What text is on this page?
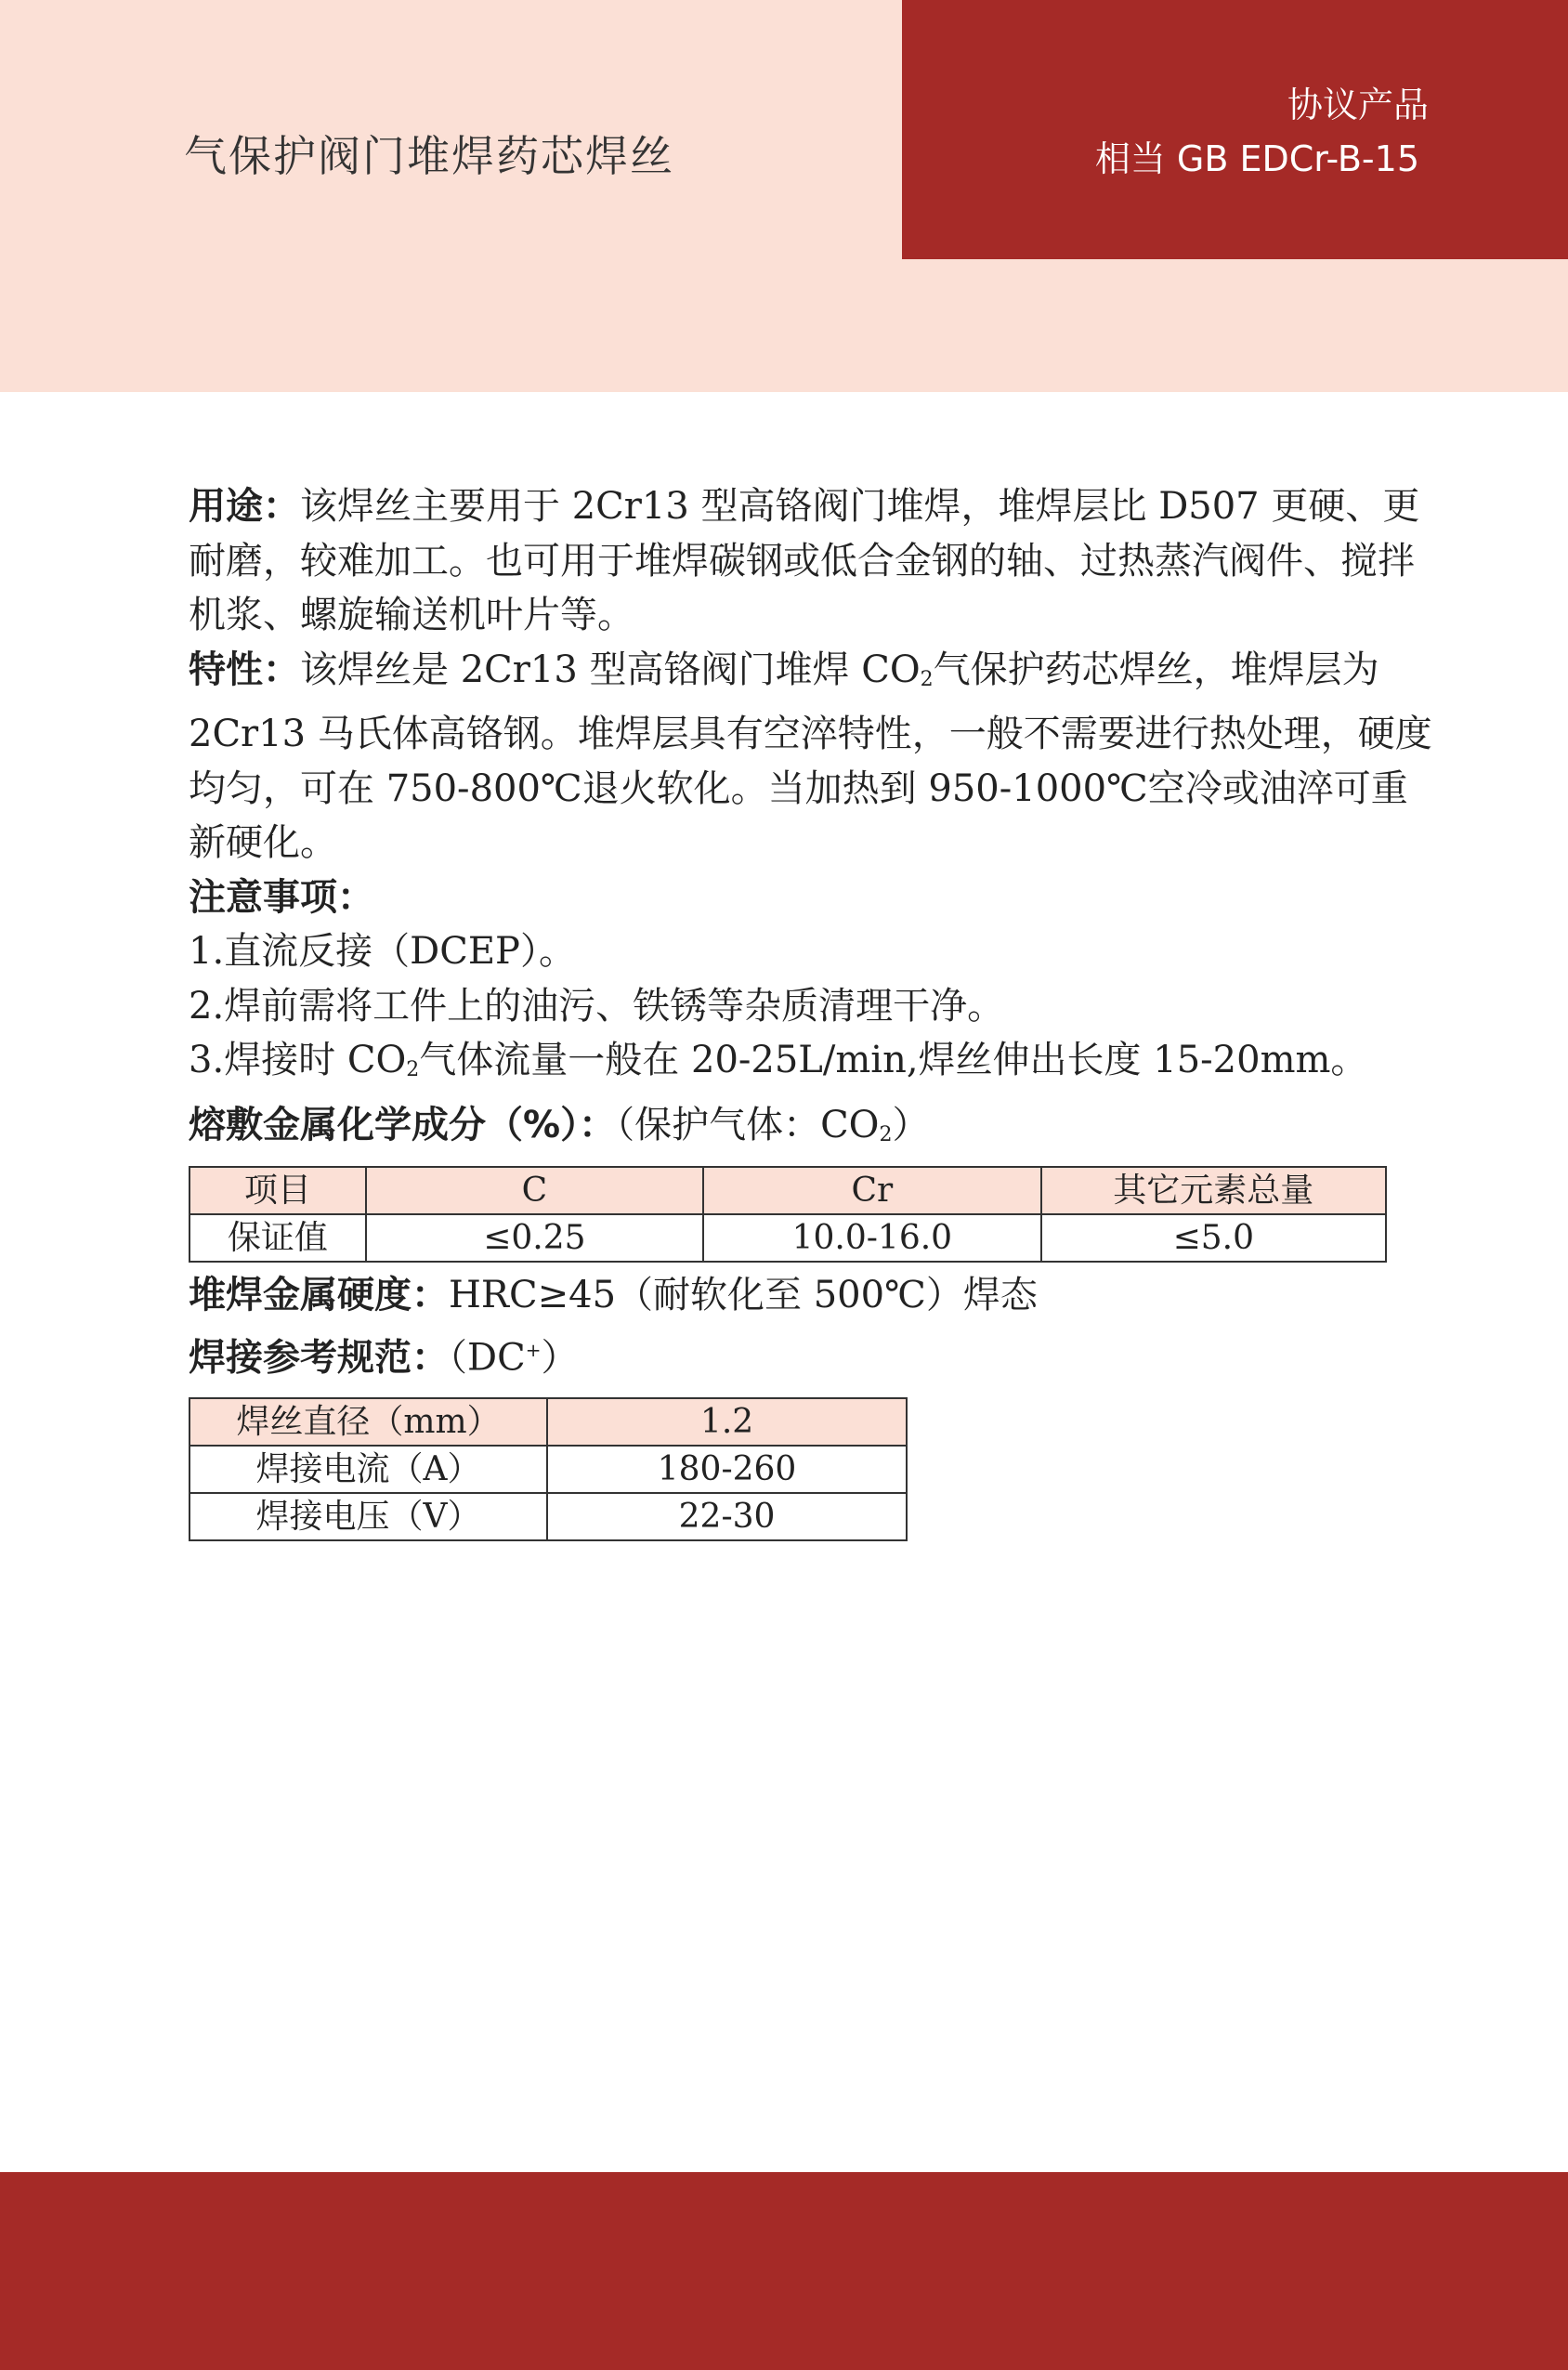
气保护阀门堆焊药芯焊丝
协议产品
相当 GB EDCr-B-15

用途：该焊丝主要用于 2Cr13 型高铬阀门堆焊，堆焊层比 D507 更硬、更耐磨，较难加工。也可用于堆焊碳钢或低合金钢的轴、过热蒸汽阀件、搅拌机浆、螺旋输送机叶片等。

特性：该焊丝是 2Cr13 型高铬阀门堆焊 $CO_2$气保护药芯焊丝，堆焊层为 2Cr13 马氏体高铬钢。堆焊层具有空淬特性，一般不需要进行热处理，硬度均匀，可在 750-800℃退火软化。当加热到 950-1000℃空冷或油淬可重新硬化。

注意事项：

1.直流反接（DCEP）。

2.焊前需将工件上的油污、铁锈等杂质清理干净。

3.焊接时 $CO_2$气体流量一般在 20-25L/min,焊丝伸出长度 15-20mm。

熔敷金属化学成分（%）：（保护气体：$CO_2$）

项目	C	Cr	其它元素总量
保证值	≤0.25	10.0-16.0	≤5.0

堆焊金属硬度：HRC≥45（耐软化至 500℃）焊态

焊接参考规范：（DC+）

焊丝直径（mm）	1.2
焊接电流（A）	180-260
焊接电压（V）	22-30
